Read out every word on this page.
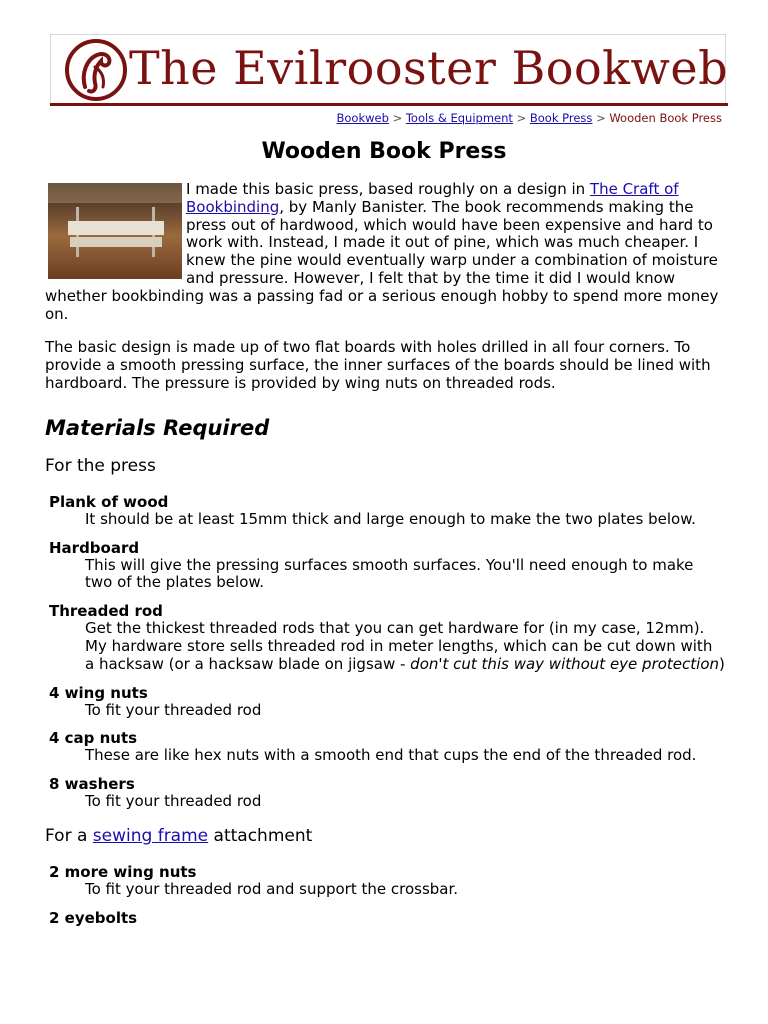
The Evilrooster Bookweb
Bookweb > Tools & Equipment > Book Press > Wooden Book Press
Wooden Book Press

I made this basic press, based roughly on a design in The Craft of Bookbinding, by Manly Banister. The book recommends making the press out of hardwood, which would have been expensive and hard to work with. Instead, I made it out of pine, which was much cheaper. I knew the pine would eventually warp under a combination of moisture and pressure. However, I felt that by the time it did I would know whether bookbinding was a passing fad or a serious enough hobby to spend more money on.

The basic design is made up of two flat boards with holes drilled in all four corners. To provide a smooth pressing surface, the inner surfaces of the boards should be lined with hardboard. The pressure is provided by wing nuts on threaded rods.

Materials Required
For the press
Plank of wood
It should be at least 15mm thick and large enough to make the two plates below.
Hardboard
This will give the pressing surfaces smooth surfaces. You'll need enough to make two of the plates below.
Threaded rod
Get the thickest threaded rods that you can get hardware for (in my case, 12mm). My hardware store sells threaded rod in meter lengths, which can be cut down with a hacksaw (or a hacksaw blade on jigsaw - don't cut this way without eye protection)
4 wing nuts
To fit your threaded rod
4 cap nuts
These are like hex nuts with a smooth end that cups the end of the threaded rod.
8 washers
To fit your threaded rod
For a sewing frame attachment
2 more wing nuts
To fit your threaded rod and support the crossbar.
2 eyebolts
